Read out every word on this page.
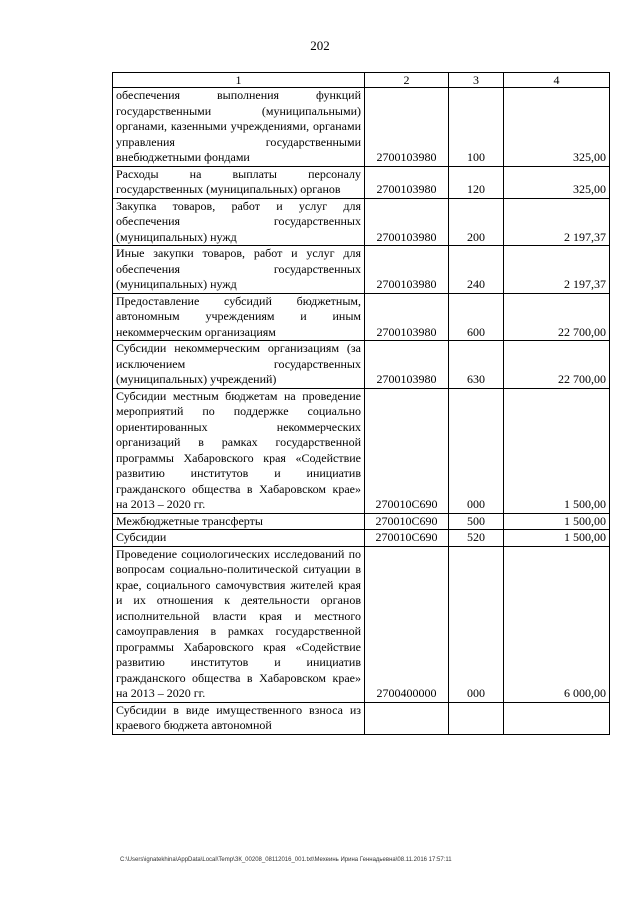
202
1	2	3	4
обеспечения выполнения функций государственными (муниципальными) органами, казенными учреждениями, органами управления государственными внебюджетными фондами	2700103980	100	325,00
Расходы на выплаты персоналу государственных (муниципальных) органов	2700103980	120	325,00
Закупка товаров, работ и услуг для обеспечения государственных (муниципальных) нужд	2700103980	200	2 197,37
Иные закупки товаров, работ и услуг для обеспечения государственных (муниципальных) нужд	2700103980	240	2 197,37
Предоставление субсидий бюджетным, автономным учреждениям и иным некоммерческим организациям	2700103980	600	22 700,00
Субсидии некоммерческим организациям (за исключением государственных (муниципальных) учреждений)	2700103980	630	22 700,00
Субсидии местным бюджетам на проведение мероприятий по поддержке социально ориентированных некоммерческих организаций в рамках государственной программы Хабаровского края «Содействие развитию институтов и инициатив гражданского общества в Хабаровском крае» на 2013 – 2020 гг.	270010С690	000	1 500,00
Межбюджетные трансферты	270010С690	500	1 500,00
Субсидии	270010С690	520	1 500,00
Проведение социологических исследований по вопросам социально-политической ситуации в крае, социального самочувствия жителей края и их отношения к деятельности органов исполнительной власти края и местного самоуправления в рамках государственной программы Хабаровского края «Содействие развитию институтов и инициатив гражданского общества в Хабаровском крае» на 2013 – 2020 гг.	2700400000	000	6 000,00
Субсидии в виде имущественного взноса из краевого бюджета автономной			
C:\Users\ignatekhina\AppData\Local\Temp\ЗК_00208_08112016_001.txt\Мехеинь Ирина Геннадьевна\08.11.2016 17:57:11
